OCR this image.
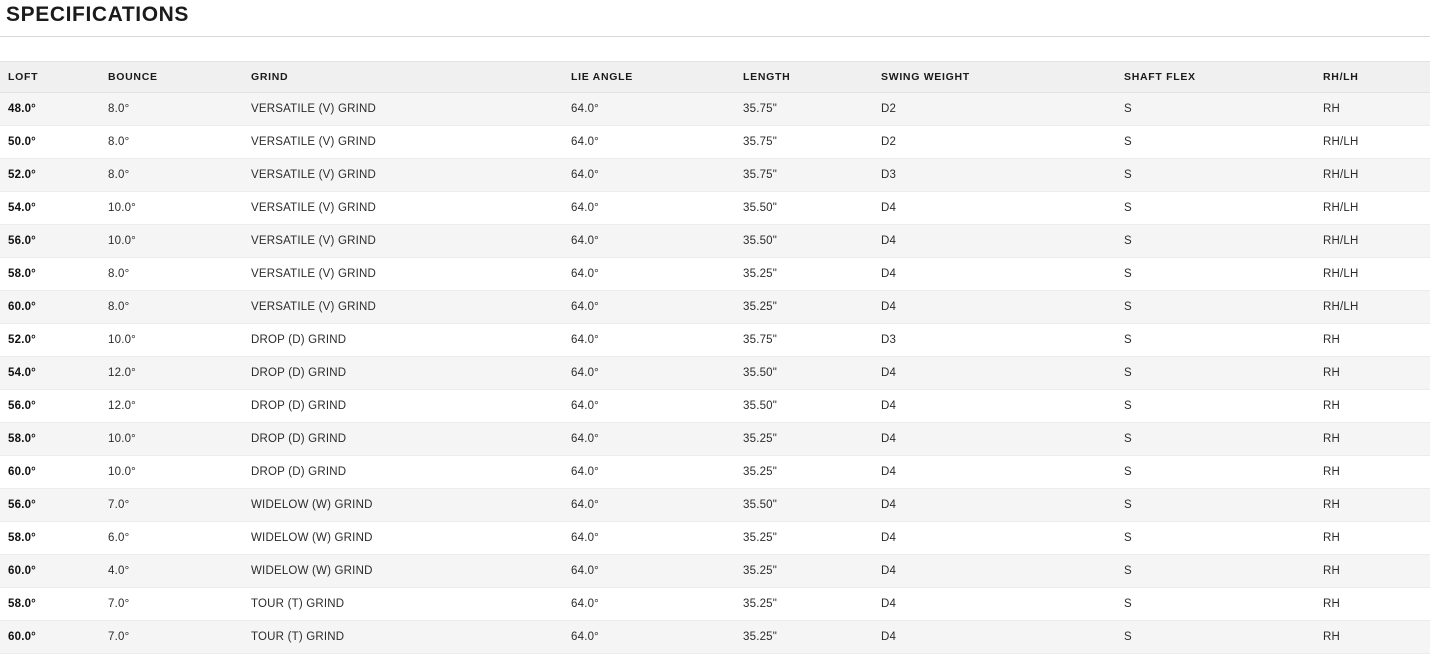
SPECIFICATIONS
LOFT	BOUNCE	GRIND	LIE ANGLE	LENGTH	SWING WEIGHT	SHAFT FLEX	RH/LH
48.0°	8.0°	VERSATILE (V) GRIND	64.0°	35.75"	D2	S	RH
50.0°	8.0°	VERSATILE (V) GRIND	64.0°	35.75"	D2	S	RH/LH
52.0°	8.0°	VERSATILE (V) GRIND	64.0°	35.75"	D3	S	RH/LH
54.0°	10.0°	VERSATILE (V) GRIND	64.0°	35.50"	D4	S	RH/LH
56.0°	10.0°	VERSATILE (V) GRIND	64.0°	35.50"	D4	S	RH/LH
58.0°	8.0°	VERSATILE (V) GRIND	64.0°	35.25"	D4	S	RH/LH
60.0°	8.0°	VERSATILE (V) GRIND	64.0°	35.25"	D4	S	RH/LH
52.0°	10.0°	DROP (D) GRIND	64.0°	35.75"	D3	S	RH
54.0°	12.0°	DROP (D) GRIND	64.0°	35.50"	D4	S	RH
56.0°	12.0°	DROP (D) GRIND	64.0°	35.50"	D4	S	RH
58.0°	10.0°	DROP (D) GRIND	64.0°	35.25"	D4	S	RH
60.0°	10.0°	DROP (D) GRIND	64.0°	35.25"	D4	S	RH
56.0°	7.0°	WIDELOW (W) GRIND	64.0°	35.50"	D4	S	RH
58.0°	6.0°	WIDELOW (W) GRIND	64.0°	35.25"	D4	S	RH
60.0°	4.0°	WIDELOW (W) GRIND	64.0°	35.25"	D4	S	RH
58.0°	7.0°	TOUR (T) GRIND	64.0°	35.25"	D4	S	RH
60.0°	7.0°	TOUR (T) GRIND	64.0°	35.25"	D4	S	RH
